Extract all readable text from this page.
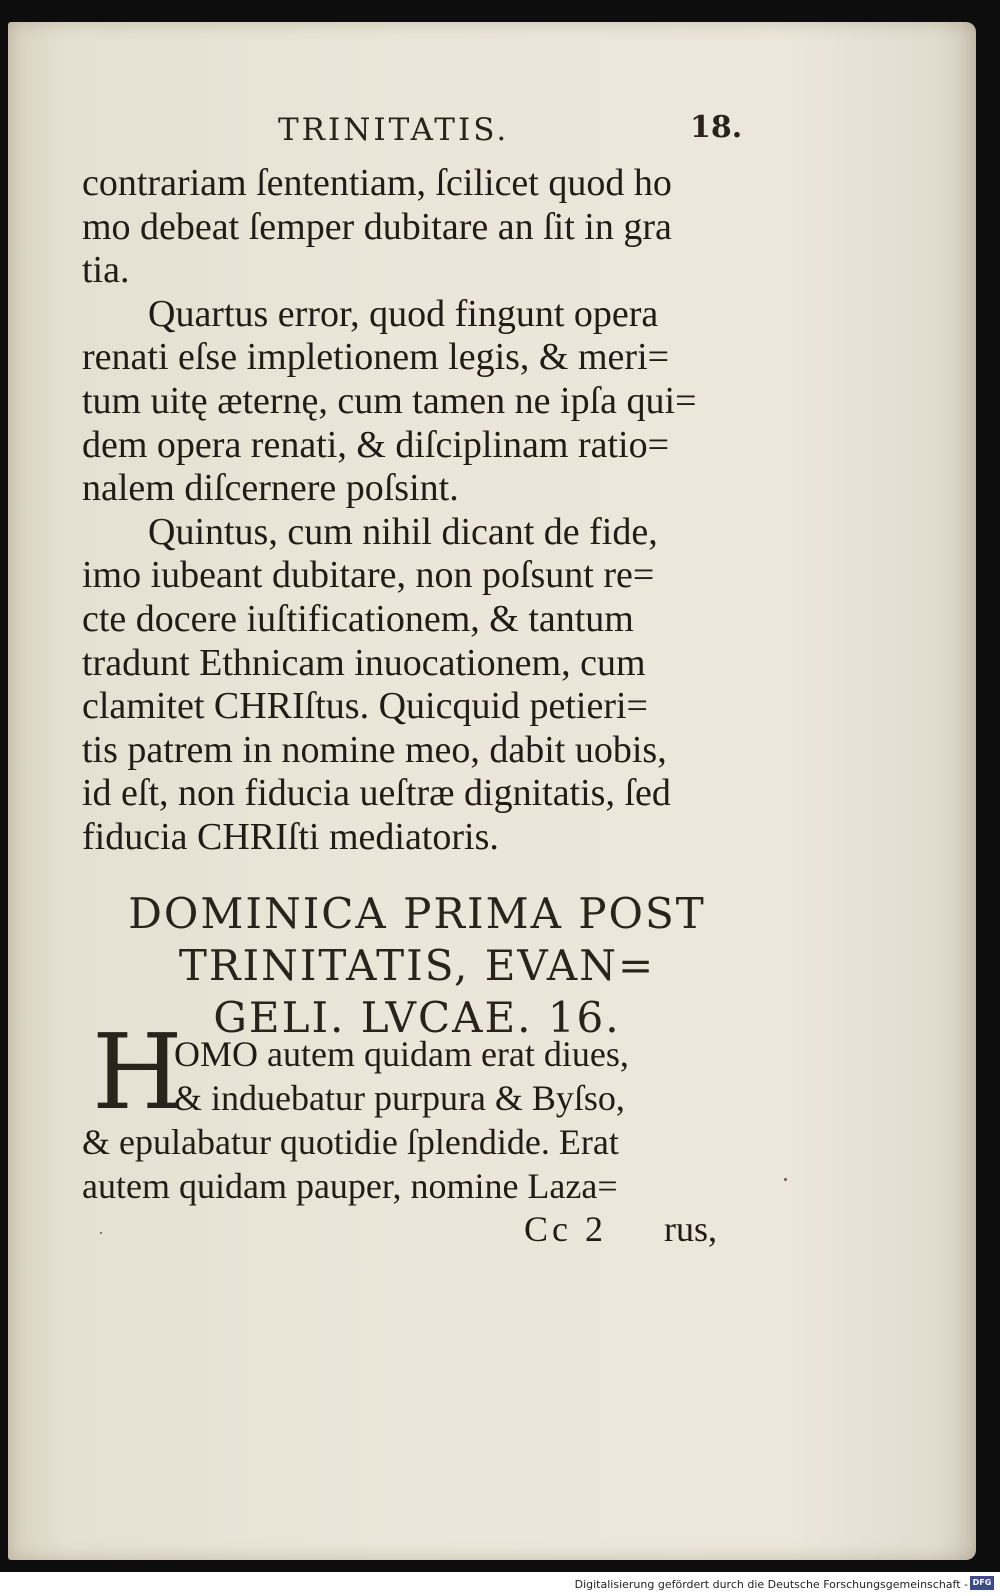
TRINITATIS.	18.
contrariam ſententiam, ſcilicet quod ho
mo debeat ſemper dubitare an ſit in gra
tia.
Quartus error, quod fingunt opera
renati eſse impletionem legis, & meri=
tum uitę æternę, cum tamen ne ipſa qui=
dem opera renati, & diſciplinam ratio=
nalem diſcernere poſsint.
Quintus, cum nihil dicant de fide,
imo iubeant dubitare, non poſsunt re=
cte docere iuſtificationem, & tantum
tradunt Ethnicam inuocationem, cum
clamitet CHRIſtus. Quicquid petieri=
tis patrem in nomine meo, dabit uobis,
id eſt, non fiducia ueſtræ dignitatis, ſed
fiducia CHRIſti mediatoris.
DOMINICA PRIMA POST
TRINITATIS, EVAN=
GELI. LVCAE. 16.
H
OMO autem quidam erat diues,
& induebatur purpura & Byſso,
& epulabatur quotidie ſplendide. Erat
autem quidam pauper, nomine Laza=
Cc 2 rus,
Digitalisierung gefördert durch die Deutsche Forschungsgemeinschaft - DFG
